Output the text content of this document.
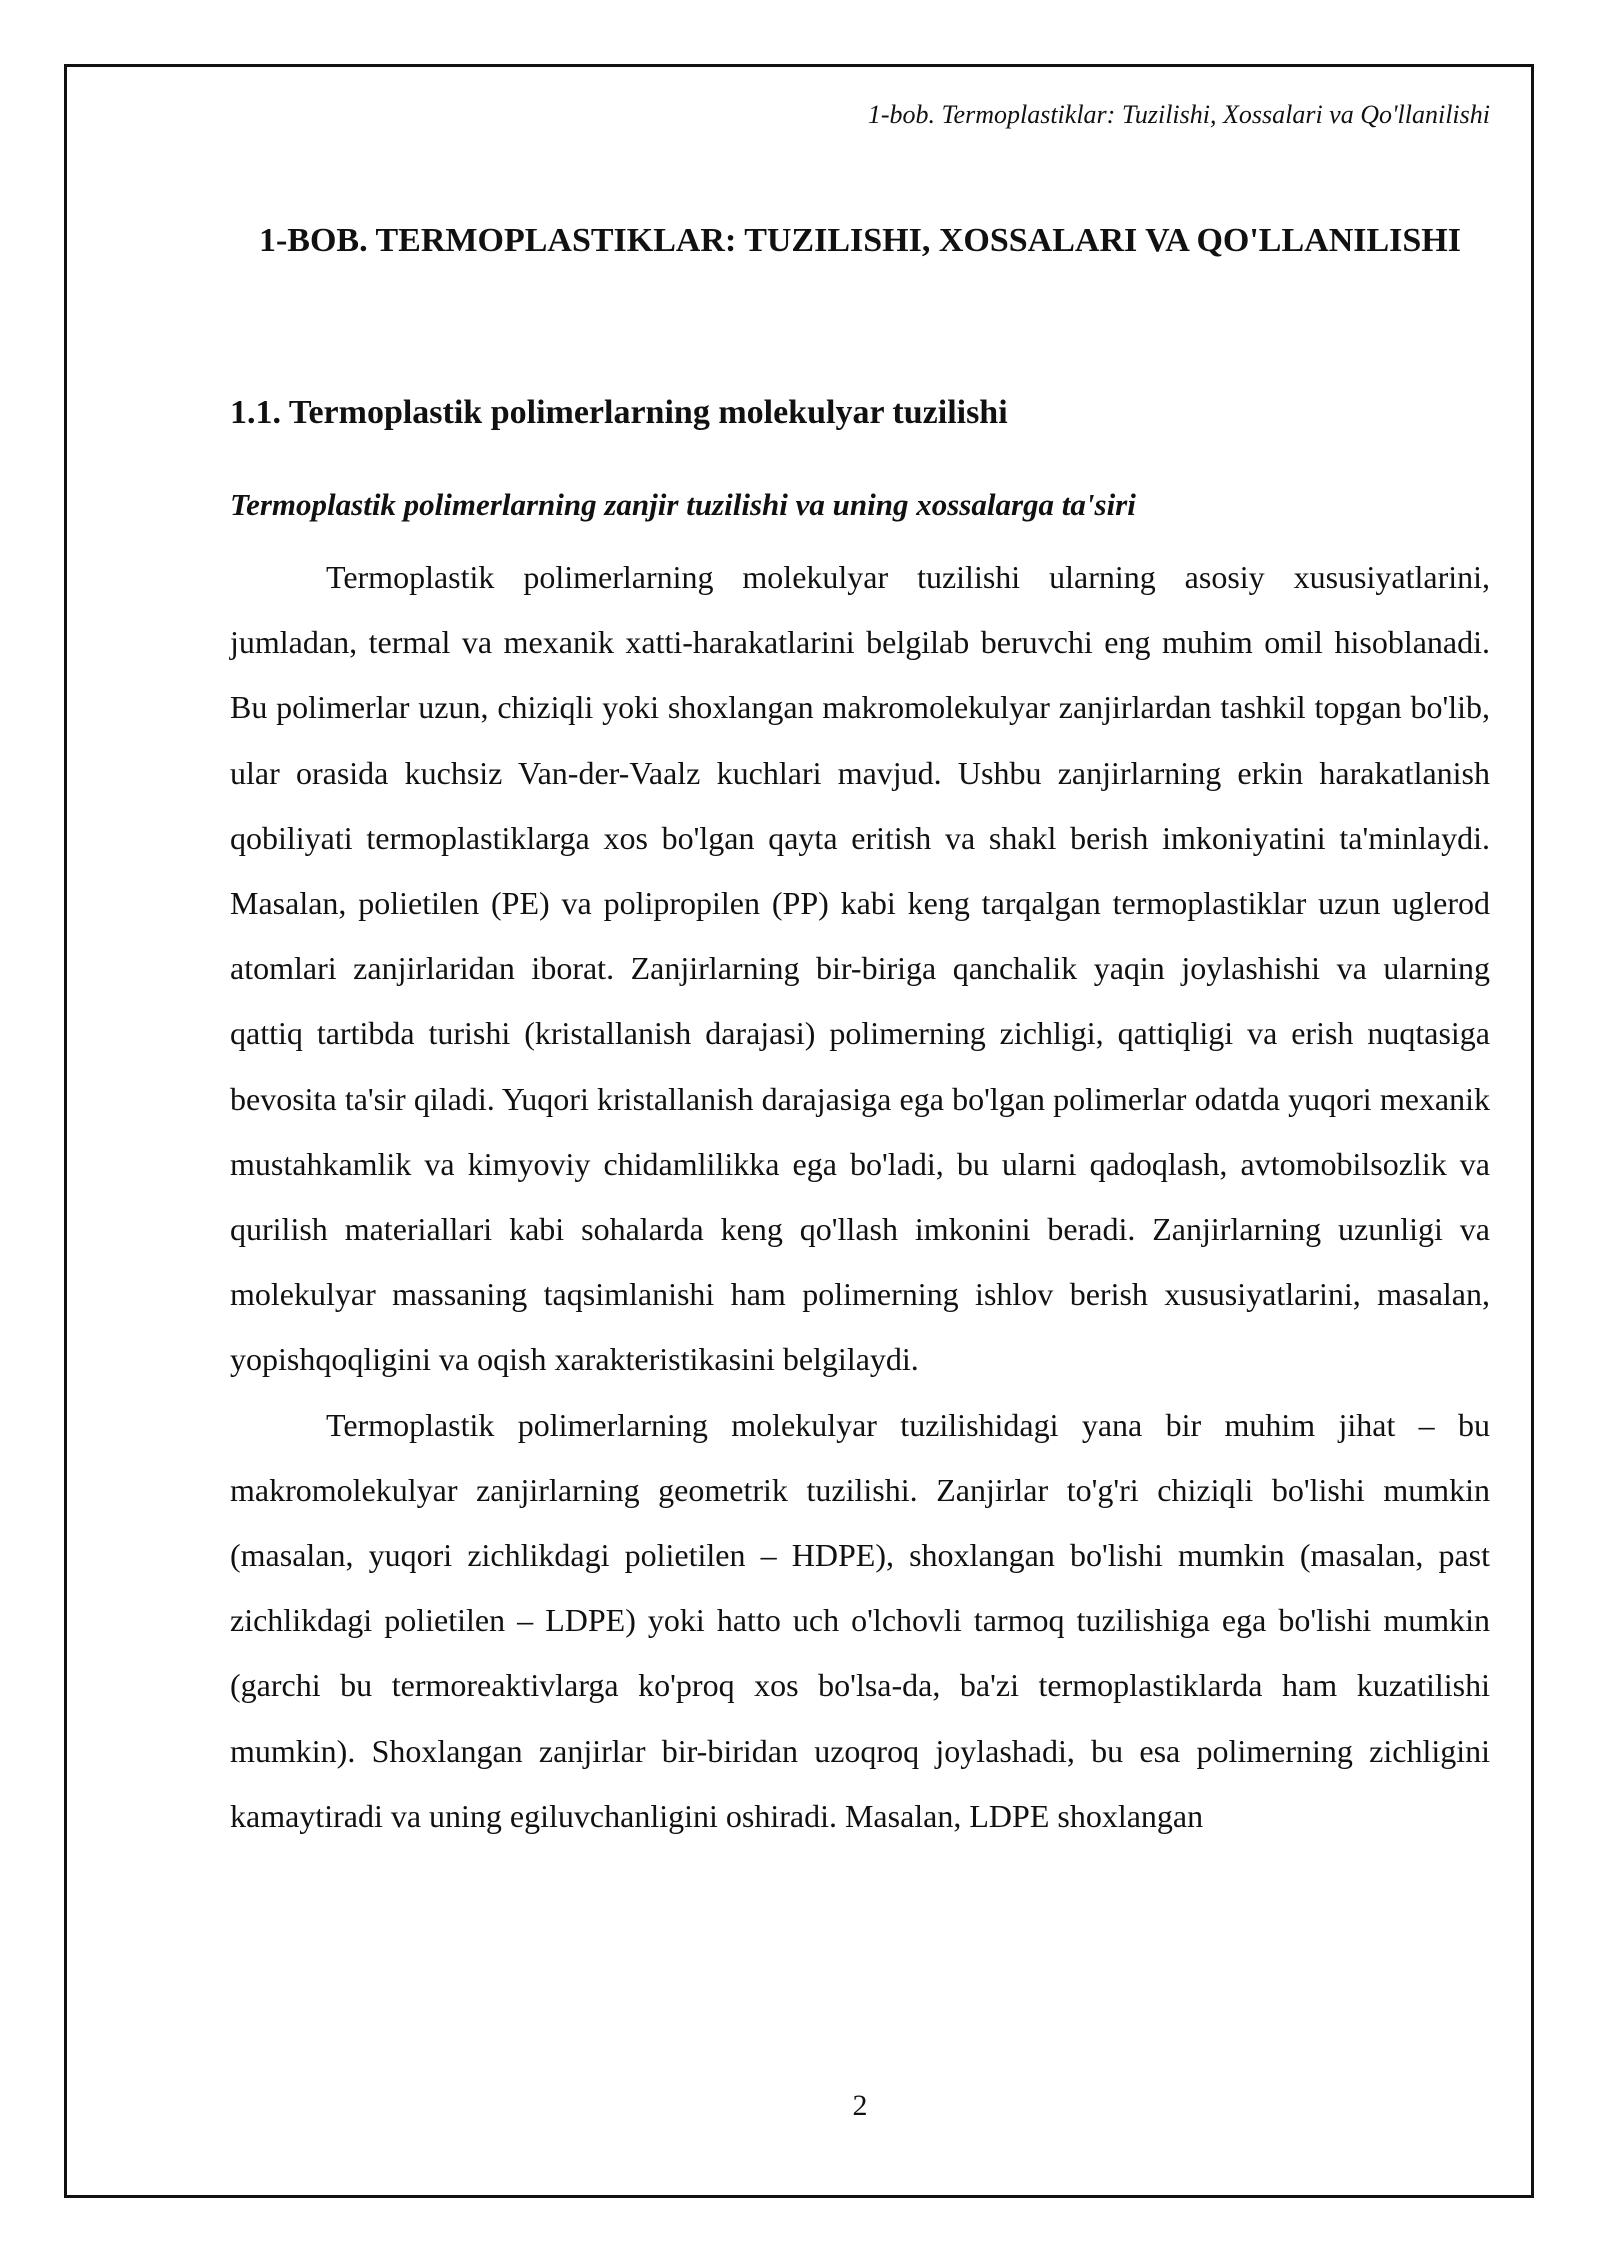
1-bob. Termoplastiklar: Tuzilishi, Xossalari va Qo'llanilishi
1-BOB. TERMOPLASTIKLAR: TUZILISHI, XOSSALARI VA QO'LLANILISHI
1.1. Termoplastik polimerlarning molekulyar tuzilishi
Termoplastik polimerlarning zanjir tuzilishi va uning xossalarga ta'siri

Termoplastik polimerlarning molekulyar tuzilishi ularning asosiy xususiyatlarini, jumladan, termal va mexanik xatti-harakatlarini belgilab beruvchi eng muhim omil hisoblanadi. Bu polimerlar uzun, chiziqli yoki shoxlangan makromolekulyar zanjirlardan tashkil topgan bo'lib, ular orasida kuchsiz Van-der-Vaalz kuchlari mavjud. Ushbu zanjirlarning erkin harakatlanish qobiliyati termoplastiklarga xos bo'lgan qayta eritish va shakl berish imkoniyatini ta'minlaydi. Masalan, polietilen (PE) va polipropilen (PP) kabi keng tarqalgan termoplastiklar uzun uglerod atomlari zanjirlaridan iborat. Zanjirlarning bir-biriga qanchalik yaqin joylashishi va ularning qattiq tartibda turishi (kristallanish darajasi) polimerning zichligi, qattiqligi va erish nuqtasiga bevosita ta'sir qiladi. Yuqori kristallanish darajasiga ega bo'lgan polimerlar odatda yuqori mexanik mustahkamlik va kimyoviy chidamlilikka ega bo'ladi, bu ularni qadoqlash, avtomobilsozlik va qurilish materiallari kabi sohalarda keng qo'llash imkonini beradi. Zanjirlarning uzunligi va molekulyar massaning taqsimlanishi ham polimerning ishlov berish xususiyatlarini, masalan, yopishqoqligini va oqish xarakteristikasini belgilaydi.

Termoplastik polimerlarning molekulyar tuzilishidagi yana bir muhim jihat – bu makromolekulyar zanjirlarning geometrik tuzilishi. Zanjirlar to'g'ri chiziqli bo'lishi mumkin (masalan, yuqori zichlikdagi polietilen – HDPE), shoxlangan bo'lishi mumkin (masalan, past zichlikdagi polietilen – LDPE) yoki hatto uch o'lchovli tarmoq tuzilishiga ega bo'lishi mumkin (garchi bu termoreaktivlarga ko'proq xos bo'lsa-da, ba'zi termoplastiklarda ham kuzatilishi mumkin). Shoxlangan zanjirlar bir-biridan uzoqroq joylashadi, bu esa polimerning zichligini kamaytiradi va uning egiluvchanligini oshiradi. Masalan, LDPE shoxlangan

2
